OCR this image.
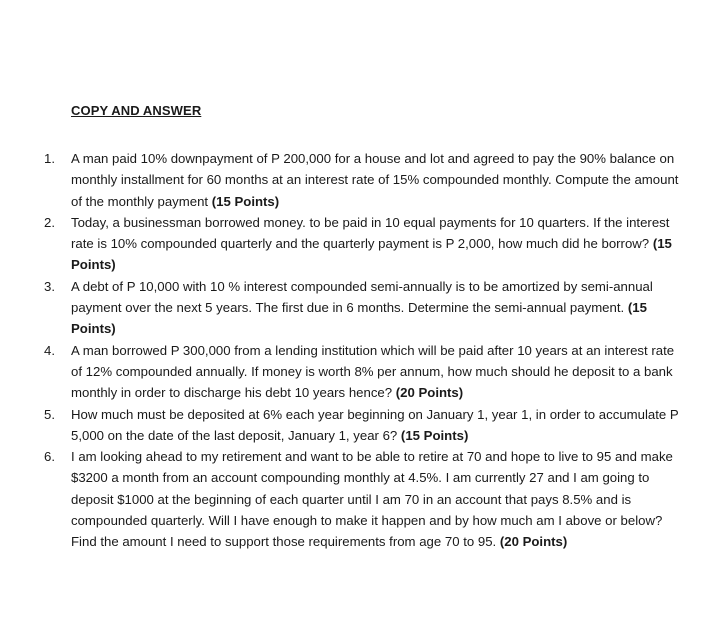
COPY AND ANSWER
1. A man paid 10% downpayment of P 200,000 for a house and lot and agreed to pay the 90% balance on monthly installment for 60 months at an interest rate of 15% compounded monthly. Compute the amount of the monthly payment (15 Points)
2. Today, a businessman borrowed money. to be paid in 10 equal payments for 10 quarters. If the interest rate is 10% compounded quarterly and the quarterly payment is P 2,000, how much did he borrow? (15 Points)
3. A debt of P 10,000 with 10 % interest compounded semi-annually is to be amortized by semi-annual payment over the next 5 years. The first due in 6 months. Determine the semi-annual payment. (15 Points)
4. A man borrowed P 300,000 from a lending institution which will be paid after 10 years at an interest rate of 12% compounded annually. If money is worth 8% per annum, how much should he deposit to a bank monthly in order to discharge his debt 10 years hence? (20 Points)
5. How much must be deposited at 6% each year beginning on January 1, year 1, in order to accumulate P 5,000 on the date of the last deposit, January 1, year 6? (15 Points)
6. I am looking ahead to my retirement and want to be able to retire at 70 and hope to live to 95 and make $3200 a month from an account compounding monthly at 4.5%. I am currently 27 and I am going to deposit $1000 at the beginning of each quarter until I am 70 in an account that pays 8.5% and is compounded quarterly. Will I have enough to make it happen and by how much am I above or below?
Find the amount I need to support those requirements from age 70 to 95. (20 Points)
